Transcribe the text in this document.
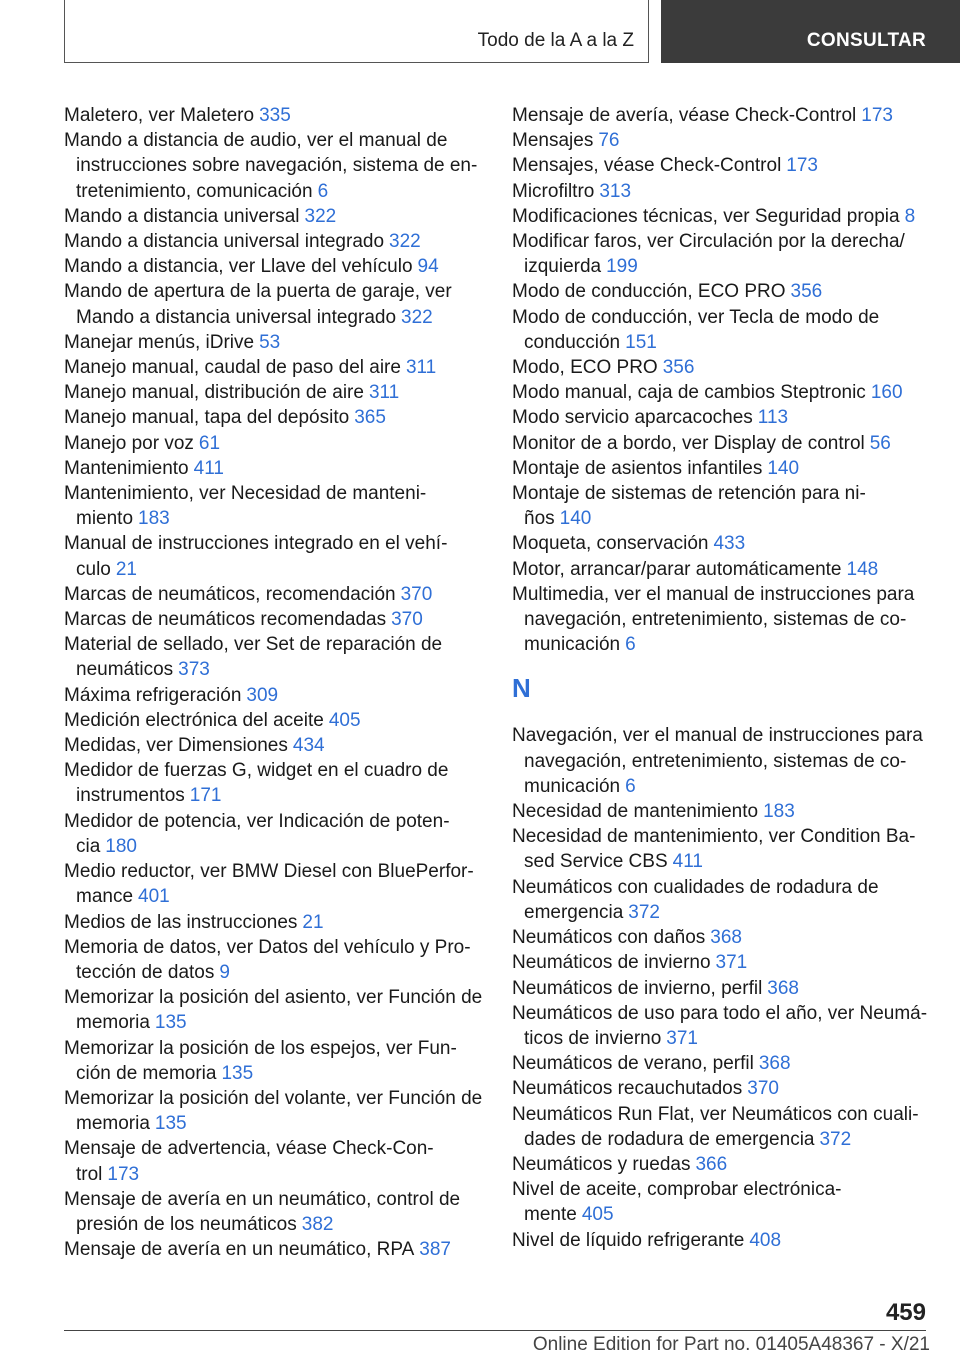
Todo de la A a la Z	CONSULTAR
Maletero, ver Maletero 335
Mando a distancia de audio, ver el manual de instrucciones sobre navegación, sistema de en‐ tretenimiento, comunicación 6
Mando a distancia universal 322
Mando a distancia universal integrado 322
Mando a distancia, ver Llave del vehículo 94
Mando de apertura de la puerta de garaje, ver Mando a distancia universal integrado 322
Manejar menús, iDrive 53
Manejo manual, caudal de paso del aire 311
Manejo manual, distribución de aire 311
Manejo manual, tapa del depósito 365
Manejo por voz 61
Mantenimiento 411
Mantenimiento, ver Necesidad de manteni‐ miento 183
Manual de instrucciones integrado en el vehí‐ culo 21
Marcas de neumáticos, recomendación 370
Marcas de neumáticos recomendadas 370
Material de sellado, ver Set de reparación de neumáticos 373
Máxima refrigeración 309
Medición electrónica del aceite 405
Medidas, ver Dimensiones 434
Medidor de fuerzas G, widget en el cuadro de instrumentos 171
Medidor de potencia, ver Indicación de poten‐ cia 180
Medio reductor, ver BMW Diesel con BluePerfor‐ mance 401
Medios de las instrucciones 21
Memoria de datos, ver Datos del vehículo y Pro‐ tección de datos 9
Memorizar la posición del asiento, ver Función de memoria 135
Memorizar la posición de los espejos, ver Fun‐ ción de memoria 135
Memorizar la posición del volante, ver Función de memoria 135
Mensaje de advertencia, véase Check-Con‐ trol 173
Mensaje de avería en un neumático, control de presión de los neumáticos 382
Mensaje de avería en un neumático, RPA 387
Mensaje de avería, véase Check-Control 173
Mensajes 76
Mensajes, véase Check-Control 173
Microfiltro 313
Modificaciones técnicas, ver Seguridad propia 8
Modificar faros, ver Circulación por la derecha/ izquierda 199
Modo de conducción, ECO PRO 356
Modo de conducción, ver Tecla de modo de conducción 151
Modo, ECO PRO 356
Modo manual, caja de cambios Steptronic 160
Modo servicio aparcacoches 113
Monitor de a bordo, ver Display de control 56
Montaje de asientos infantiles 140
Montaje de sistemas de retención para ni‐ ños 140
Moqueta, conservación 433
Motor, arrancar/parar automáticamente 148
Multimedia, ver el manual de instrucciones para navegación, entretenimiento, sistemas de co‐ municación 6
N
Navegación, ver el manual de instrucciones para navegación, entretenimiento, sistemas de co‐ municación 6
Necesidad de mantenimiento 183
Necesidad de mantenimiento, ver Condition Ba‐ sed Service CBS 411
Neumáticos con cualidades de rodadura de emergencia 372
Neumáticos con daños 368
Neumáticos de invierno 371
Neumáticos de invierno, perfil 368
Neumáticos de uso para todo el año, ver Neumá‐ ticos de invierno 371
Neumáticos de verano, perfil 368
Neumáticos recauchutados 370
Neumáticos Run Flat, ver Neumáticos con cuali‐ dades de rodadura de emergencia 372
Neumáticos y ruedas 366
Nivel de aceite, comprobar electrónica‐ mente 405
Nivel de líquido refrigerante 408
459
Online Edition for Part no. 01405A48367 - X/21
